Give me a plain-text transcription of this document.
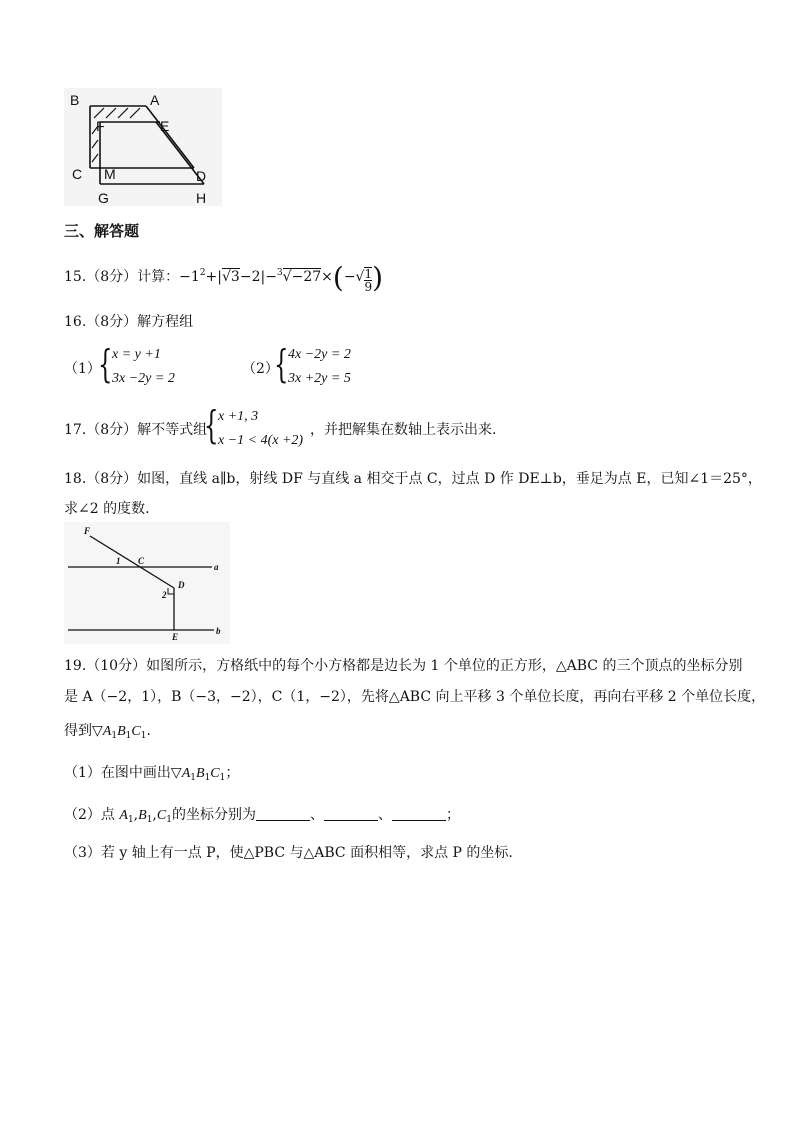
B	A
F	E
C M	D
G	H
三、解答题
15.（8分）计算：$-1^2+|√3-2|-^3√-27\times(-√ \frac{1}{9}$ )
16.（8分）解方程组
（1）
{ x = y +1
3x −2y = 2
（2）
{ 4x −2y = 2
3x +2y = 5
17.（8分）解不等式组
{ x +1, 3
x −1 < 4(x +2)
，并把解集在数轴上表示出来.
18.（8分）如图，直线 a∥b，射线 DF 与直线 a 相交于点 C，过点 D 作 DE⊥b，垂足为点 E，已知∠1＝25°，
求∠2 的度数.
F
1 C
a
D
2
E
b
19.（10分）如图所示，方格纸中的每个小方格都是边长为 1 个单位的正方形，△ABC 的三个顶点的坐标分别
是 A（−2，1），B（−3，−2），C（1，−2），先将△ABC 向上平移 3 个单位长度，再向右平移 2 个单位长度，
得到$▽A_1B_1C_1$.
（1）在图中画出$▽A_1B_1C_1$；
（2）点 $A_1,B_1,C_1$的坐标分别为	、	、	；
（3）若 y 轴上有一点 P，使△PBC 与△ABC 面积相等，求点 P 的坐标.
